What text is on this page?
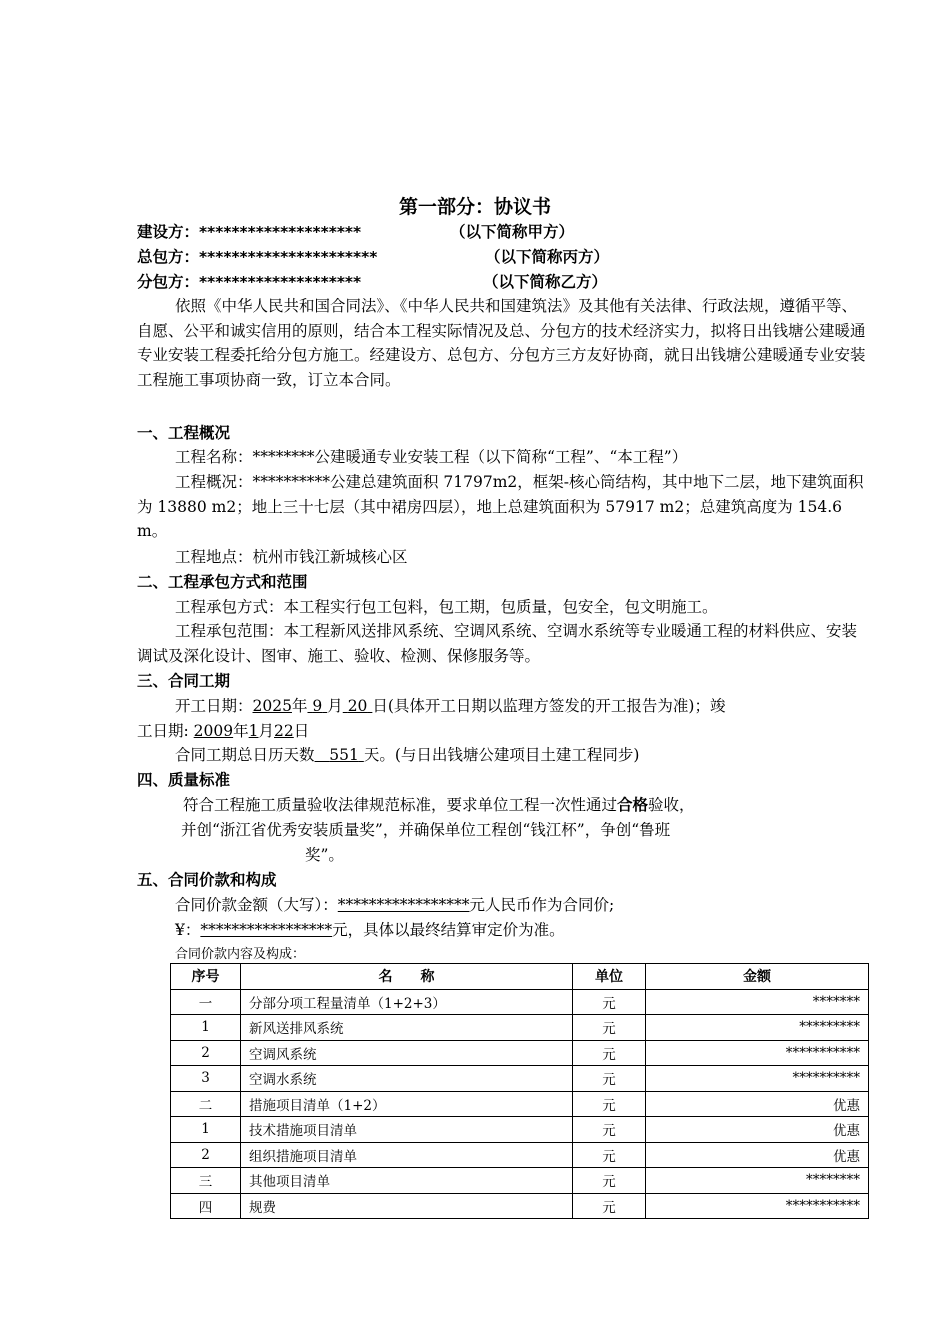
第一部分：协议书
建设方：********************	（以下简称甲方）
总包方：**********************	（以下简称丙方）
分包方：********************	（以下简称乙方）
依照《中华人民共和国合同法》、《中华人民共和国建筑法》及其他有关法律、行政法规，遵循平等、自愿、公平和诚实信用的原则，结合本工程实际情况及总、分包方的技术经济实力，拟将日出钱塘公建暖通专业安装工程委托给分包方施工。经建设方、总包方、分包方三方友好协商，就日出钱塘公建暖通专业安装工程施工事项协商一致，订立本合同。
一、工程概况
工程名称：********公建暖通专业安装工程（以下简称“工程”、“本工程”）
工程概况：**********公建总建筑面积 71797m2，框架-核心筒结构，其中地下二层，地下建筑面积为 13880 m2；地上三十七层（其中裙房四层），地上总建筑面积为 57917 m2；总建筑高度为 154.6 m。
工程地点：杭州市钱江新城核心区
二、工程承包方式和范围
工程承包方式：本工程实行包工包料，包工期，包质量，包安全，包文明施工。
工程承包范围：本工程新风送排风系统、空调风系统、空调水系统等专业暖通工程的材料供应、安装调试及深化设计、图审、施工、验收、检测、保修服务等。
三、合同工期
开工日期：2025年 9 月 20 日(具体开工日期以监理方签发的开工报告为准)；竣
工日期: 2009年1月22日
合同工期总日历天数 551 天。(与日出钱塘公建项目土建工程同步)
四、质量标准
符合工程施工质量验收法律规范标准，要求单位工程一次性通过合格验收，
并创“浙江省优秀安装质量奖”，并确保单位工程创“钱江杯”，争创“鲁班
奖”。
五、合同价款和构成
合同价款金额（大写）：*****************元人民币作为合同价;
¥：*****************元，具体以最终结算审定价为准。
合同价款内容及构成：
序号	名　　称	单位	金额
一	分部分项工程量清单（1+2+3）	元	*******
1	新风送排风系统	元	*********
2	空调风系统	元	***********
3	空调水系统	元	**********
二	措施项目清单（1+2）	元	优惠
1	技术措施项目清单	元	优惠
2	组织措施项目清单	元	优惠
三	其他项目清单	元	********
四	规费	元	***********
